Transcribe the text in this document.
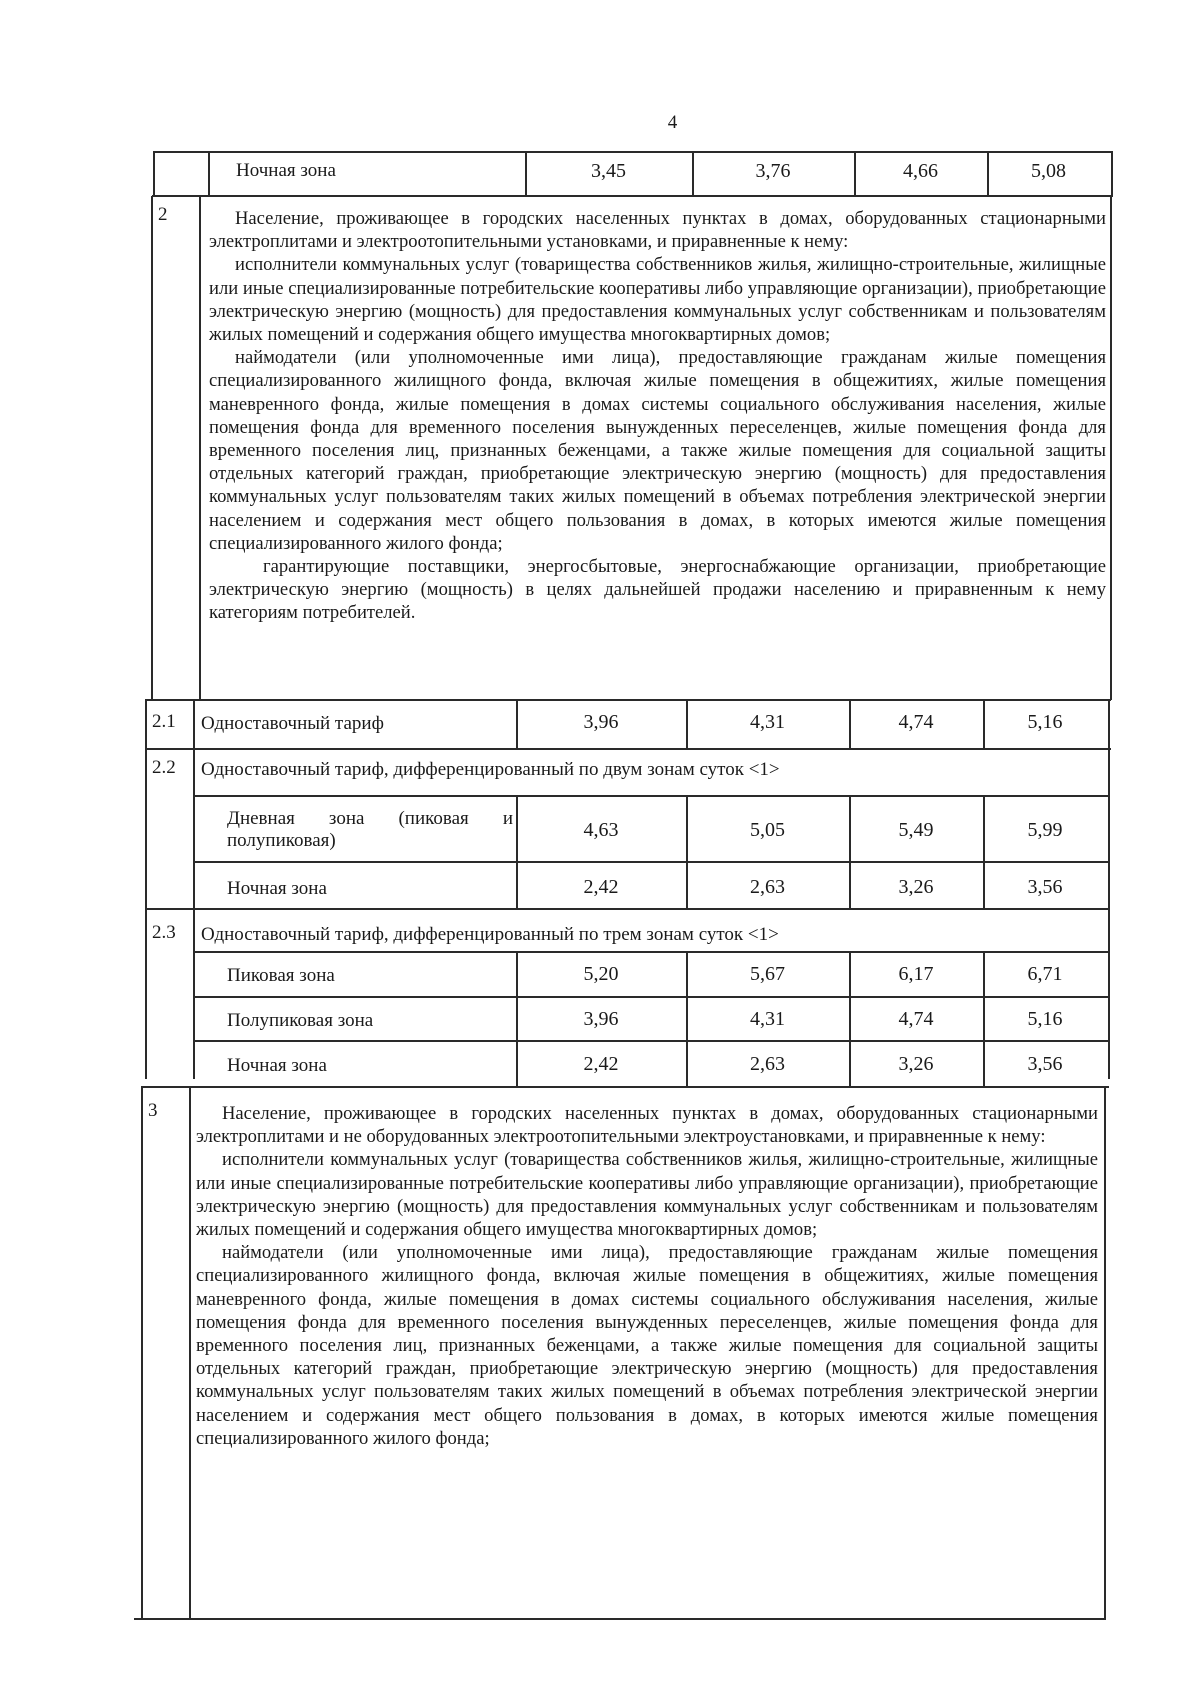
4
Ночная зона	3,45	3,76	4,66	5,08
2	Население, проживающее в городских населенных пунктах в домах, оборудованных стационарными электроплитами и электроотопительными установками, и приравненные к нему:

исполнители коммунальных услуг (товарищества собственников жилья, жилищно-строительные, жилищные или иные специализированные потребительские кооперативы либо управляющие организации), приобретающие электрическую энергию (мощность) для предоставления коммунальных услуг собственникам и пользователям жилых помещений и содержания общего имущества многоквартирных домов;

наймодатели (или уполномоченные ими лица), предоставляющие гражданам жилые помещения специализированного жилищного фонда, включая жилые помещения в общежитиях, жилые помещения маневренного фонда, жилые помещения в домах системы социального обслуживания населения, жилые помещения фонда для временного поселения вынужденных переселенцев, жилые помещения фонда для временного поселения лиц, признанных беженцами, а также жилые помещения для социальной защиты отдельных категорий граждан, приобретающие электрическую энергию (мощность) для предоставления коммунальных услуг пользователям таких жилых помещений в объемах потребления электрической энергии населением и содержания мест общего пользования в домах, в которых имеются жилые помещения специализированного жилого фонда;

гарантирующие поставщики, энергосбытовые, энергоснабжающие организации, приобретающие электрическую энергию (мощность) в целях дальнейшей продажи населению и приравненным к нему категориям потребителей.

2.1 Одноставочный тариф	3,96	4,31	4,74	5,16
2.2 Одноставочный тариф, дифференцированный по двум зонам суток <1>
Дневная зона (пиковая и полупиковая)	4,63	5,05	5,49	5,99
Ночная зона	2,42	2,63	3,26	3,56
2.3 Одноставочный тариф, дифференцированный по трем зонам суток <1>
Пиковая зона	5,20	5,67	6,17	6,71
Полупиковая зона	3,96	4,31	4,74	5,16
Ночная зона	2,42	2,63	3,26	3,56
3	Население, проживающее в городских населенных пунктах в домах, оборудованных стационарными электроплитами и не оборудованных электроотопительными электроустановками, и приравненные к нему:

исполнители коммунальных услуг (товарищества собственников жилья, жилищно-строительные, жилищные или иные специализированные потребительские кооперативы либо управляющие организации), приобретающие электрическую энергию (мощность) для предоставления коммунальных услуг собственникам и пользователям жилых помещений и содержания общего имущества многоквартирных домов;

наймодатели (или уполномоченные ими лица), предоставляющие гражданам жилые помещения специализированного жилищного фонда, включая жилые помещения в общежитиях, жилые помещения маневренного фонда, жилые помещения в домах системы социального обслуживания населения, жилые помещения фонда для временного поселения вынужденных переселенцев, жилые помещения фонда для временного поселения лиц, признанных беженцами, а также жилые помещения для социальной защиты отдельных категорий граждан, приобретающие электрическую энергию (мощность) для предоставления коммунальных услуг пользователям таких жилых помещений в объемах потребления электрической энергии населением и содержания мест общего пользования в домах, в которых имеются жилые помещения специализированного жилого фонда;
